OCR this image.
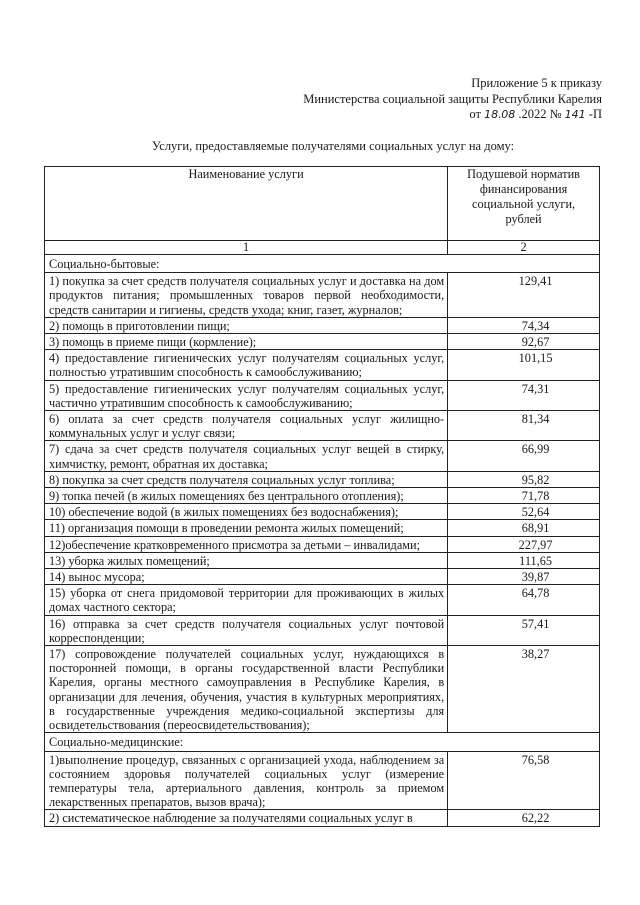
Приложение 5 к приказу
Министерства социальной защиты Республики Карелия
от 18.08 .2022 № 141 -П
Услуги, предоставляемые получателями социальных услуг на дому:
Наименование услуги	Подушевой норматив финансирования социальной услуги, рублей
1	2
Социально-бытовые:	
1) покупка за счет средств получателя социальных услуг и доставка на дом продуктов питания; промышленных товаров первой необходимости, средств санитарии и гигиены, средств ухода; книг, газет, журналов;	129,41
2) помощь в приготовлении пищи;	74,34
3) помощь в приеме пищи (кормление);	92,67
4) предоставление гигиенических услуг получателям социальных услуг, полностью утратившим способность к самообслуживанию;	101,15
5) предоставление гигиенических услуг получателям социальных услуг, частично утратившим способность к самообслуживанию;	74,31
6) оплата за счет средств получателя социальных услуг жилищно-коммунальных услуг и услуг связи;	81,34
7) сдача за счет средств получателя социальных услуг вещей в стирку, химчистку, ремонт, обратная их доставка;	66,99
8) покупка за счет средств получателя социальных услуг топлива;	95,82
9) топка печей (в жилых помещениях без центрального отопления);	71,78
10) обеспечение водой (в жилых помещениях без водоснабжения);	52,64
11) организация помощи в проведении ремонта жилых помещений;	68,91
12)обеспечение кратковременного присмотра за детьми – инвалидами;	227,97
13) уборка жилых помещений;	111,65
14) вынос мусора;	39,87
15) уборка от снега придомовой территории для проживающих в жилых домах частного сектора;	64,78
16) отправка за счет средств получателя социальных услуг почтовой корреспонденции;	57,41
17) сопровождение получателей социальных услуг, нуждающихся в посторонней помощи, в органы государственной власти Республики Карелия, органы местного самоуправления в Республике Карелия, в организации для лечения, обучения, участия в культурных мероприятиях, в государственные учреждения медико-социальной экспертизы для освидетельствования (переосвидетельствования);	38,27
Социально-медицинские:	
1)выполнение процедур, связанных с организацией ухода, наблюдением за состоянием здоровья получателей социальных услуг (измерение температуры тела, артериального давления, контроль за приемом лекарственных препаратов, вызов врача);	76,58
2) систематическое наблюдение за получателями социальных услуг в	62,22
